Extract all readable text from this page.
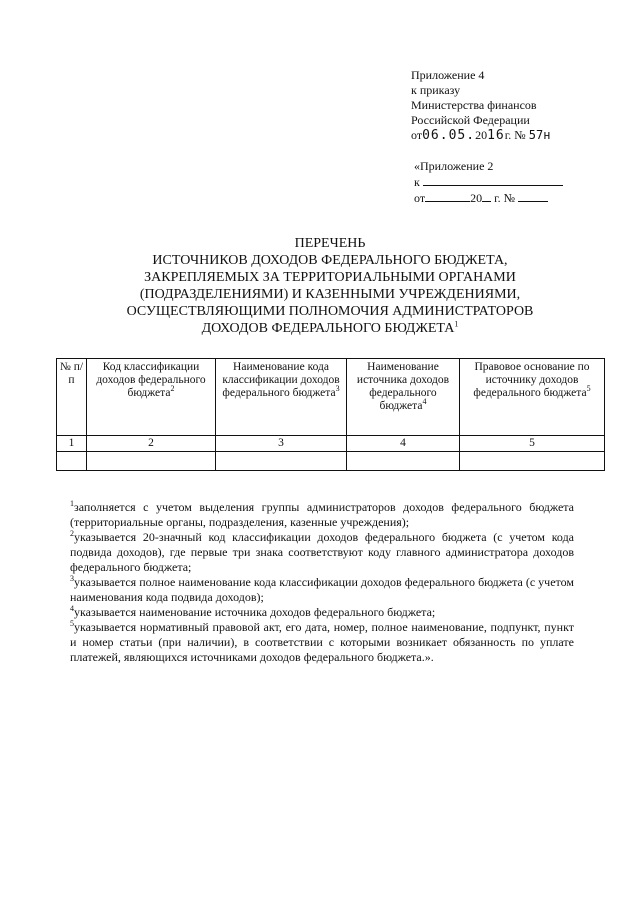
Приложение 4
к приказу
Министерства финансов
Российской Федерации
от06.05.2016г. № 57н
«Приложение 2
к
от	20 г. №
ПЕРЕЧЕНЬ
ИСТОЧНИКОВ ДОХОДОВ ФЕДЕРАЛЬНОГО БЮДЖЕТА,
ЗАКРЕПЛЯЕМЫХ ЗА ТЕРРИТОРИАЛЬНЫМИ ОРГАНАМИ
(ПОДРАЗДЕЛЕНИЯМИ) И КАЗЕННЫМИ УЧРЕЖДЕНИЯМИ,
ОСУЩЕСТВЛЯЮЩИМИ ПОЛНОМОЧИЯ АДМИНИСТРАТОРОВ
ДОХОДОВ ФЕДЕРАЛЬНОГО БЮДЖЕТА$^1$
№ п/п	Код классификации доходов федерального бюджета$^2$	Наименование кода классификации доходов федерального бюджета$^3$	Наименование источника доходов федерального бюджета$^4$	Правовое основание по источнику доходов федерального бюджета$^5$
1	2	3	4	5

$^1$заполняется с учетом выделения группы администраторов доходов федерального бюджета (территориальные органы, подразделения, казенные учреждения);

$^2$указывается 20-значный код классификации доходов федерального бюджета (с учетом кода подвида доходов), где первые три знака соответствуют коду главного администратора доходов федерального бюджета;

$^3$указывается полное наименование кода классификации доходов федерального бюджета (с учетом наименования кода подвида доходов);

$^4$указывается наименование источника доходов федерального бюджета;

$^5$указывается нормативный правовой акт, его дата, номер, полное наименование, подпункт, пункт и номер статьи (при наличии), в соответствии с которыми возникает обязанность по уплате платежей, являющихся источниками доходов федерального бюджета.».
